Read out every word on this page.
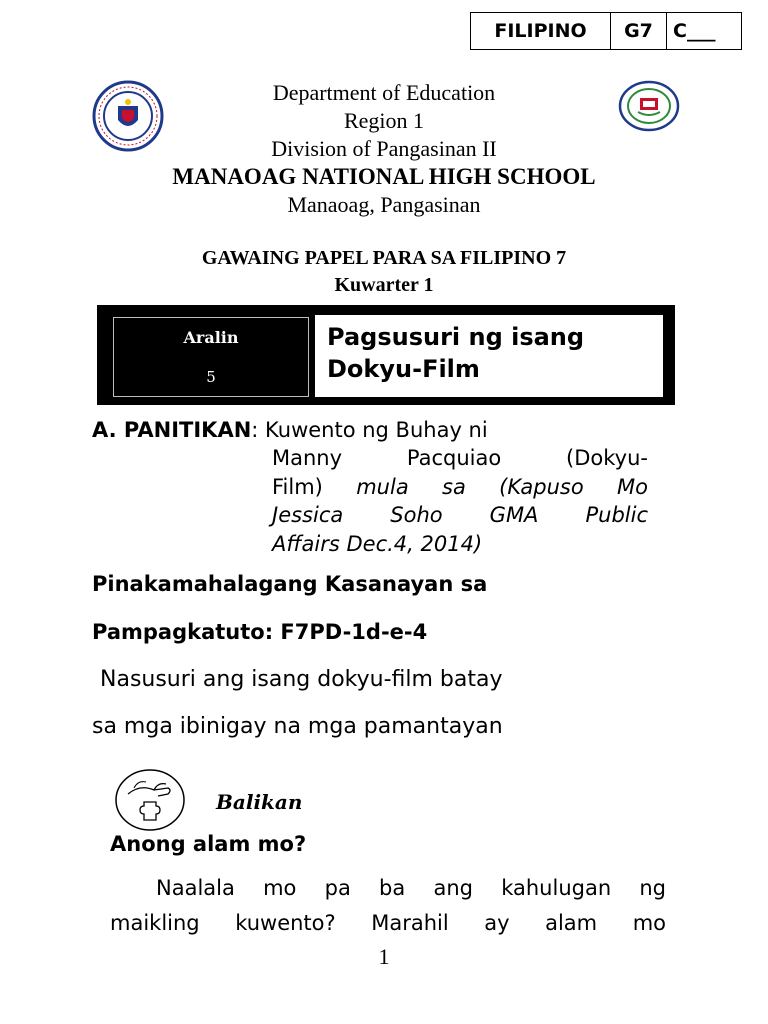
FILIPINO	G7	C___
Department of Education
Region 1
Division of Pangasinan II
MANAOAG NATIONAL HIGH SCHOOL
Manaoag, Pangasinan
GAWAING PAPEL PARA SA FILIPINO 7
Kuwarter 1
Aralin
5
Pagsusuri ng isang
Dokyu-Film
A. PANITIKAN: Kuwento ng Buhay ni
Manny Pacquiao (Dokyu-
Film) mula sa (Kapuso Mo
Jessica Soho GMA Public
Affairs Dec.4, 2014)
Pinakamahalagang Kasanayan sa
Pampagkatuto: F7PD-1d-e-4
Nasusuri ang isang dokyu-film batay
sa mga ibinigay na mga pamantayan
Balikan
Anong alam mo?
Naalala mo pa ba ang kahulugan ng
maikling kuwento? Marahil ay alam mo
1
